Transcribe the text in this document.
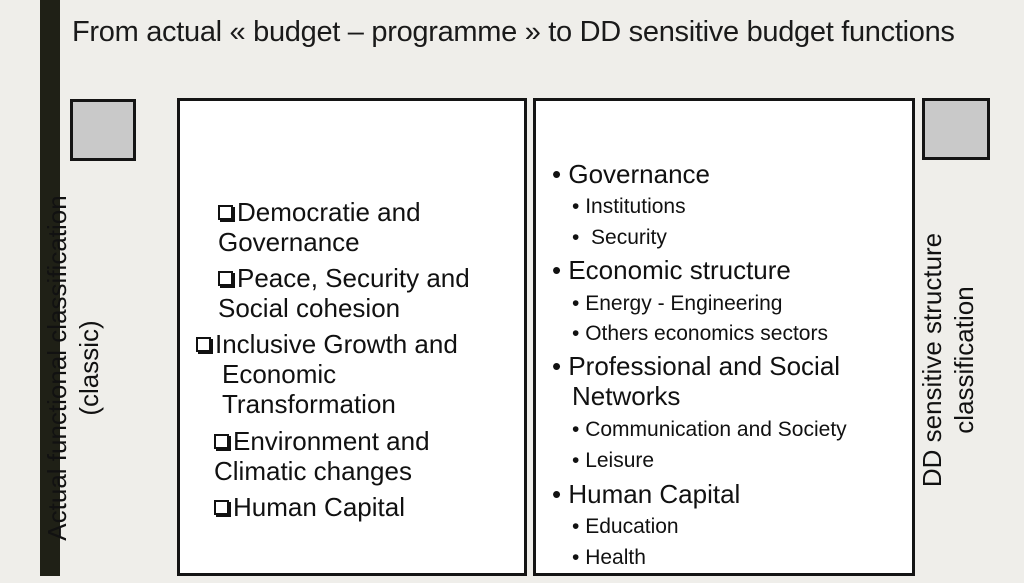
From actual « budget – programme » to DD sensitive budget functions
Actual functional classification (classic)	DD sensitive structure classification
Democratie and
Governance
Peace, Security and
Social cohesion
Inclusive Growth and
Economic
Transformation
Environment and
Climatic changes
Human Capital
• Governance
• Institutions
•  Security
• Economic structure
• Energy - Engineering
• Others economics sectors
• Professional and Social
Networks
• Communication and Society
• Leisure
• Human Capital
• Education
• Health
